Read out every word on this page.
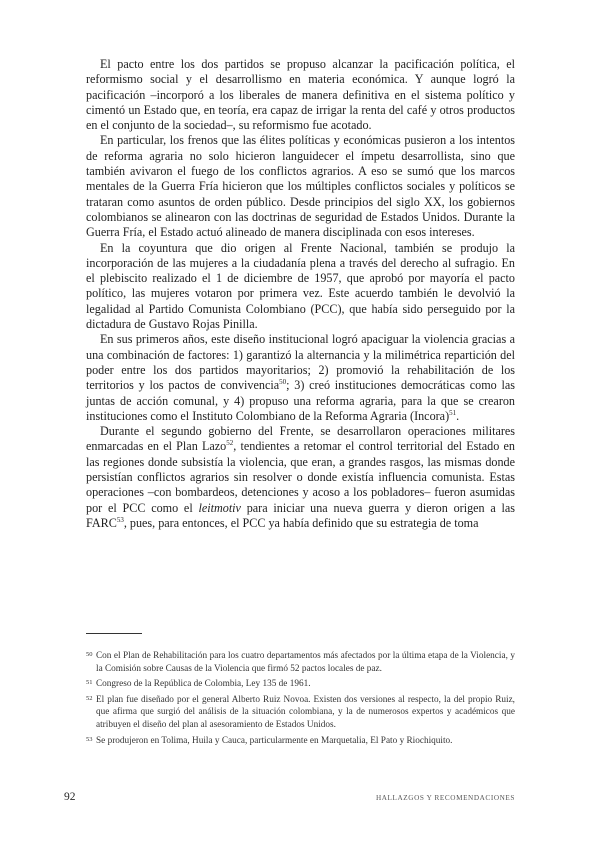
El pacto entre los dos partidos se propuso alcanzar la pacificación política, el reformismo social y el desarrollismo en materia económica. Y aunque logró la pacificación –incorporó a los liberales de manera definitiva en el sistema político y cimentó un Estado que, en teoría, era capaz de irrigar la renta del café y otros productos en el conjunto de la sociedad–, su reformismo fue acotado.

En particular, los frenos que las élites políticas y económicas pusieron a los intentos de reforma agraria no solo hicieron languidecer el ímpetu desarrollista, sino que también avivaron el fuego de los conflictos agrarios. A eso se sumó que los marcos mentales de la Guerra Fría hicieron que los múltiples conflictos sociales y políticos se trataran como asuntos de orden público. Desde principios del siglo XX, los gobiernos colombianos se alinearon con las doctrinas de seguridad de Estados Unidos. Durante la Guerra Fría, el Estado actuó alineado de manera disciplinada con esos intereses.

En la coyuntura que dio origen al Frente Nacional, también se produjo la incorporación de las mujeres a la ciudadanía plena a través del derecho al sufragio. En el plebiscito realizado el 1 de diciembre de 1957, que aprobó por mayoría el pacto político, las mujeres votaron por primera vez. Este acuerdo también le devolvió la legalidad al Partido Comunista Colombiano (PCC), que había sido perseguido por la dictadura de Gustavo Rojas Pinilla.

En sus primeros años, este diseño institucional logró apaciguar la violencia gracias a una combinación de factores: 1) garantizó la alternancia y la milimétrica repartición del poder entre los dos partidos mayoritarios; 2) promovió la rehabilitación de los territorios y los pactos de convivencia$^{50}$; 3) creó instituciones democráticas como las juntas de acción comunal, y 4) propuso una reforma agraria, para la que se crearon instituciones como el Instituto Colombiano de la Reforma Agraria (Incora)$^{51}$.

Durante el segundo gobierno del Frente, se desarrollaron operaciones militares enmarcadas en el Plan Lazo$^{52}$, tendientes a retomar el control territorial del Estado en las regiones donde subsistía la violencia, que eran, a grandes rasgos, las mismas donde persistían conflictos agrarios sin resolver o donde existía influencia comunista. Estas operaciones –con bombardeos, detenciones y acoso a los pobladores– fueron asumidas por el PCC como el leitmotiv para iniciar una nueva guerra y dieron origen a las FARC$^{53}$, pues, para entonces, el PCC ya había definido que su estrategia de toma

50 Con el Plan de Rehabilitación para los cuatro departamentos más afectados por la última etapa de la Violencia, y la Comisión sobre Causas de la Violencia que firmó 52 pactos locales de paz.
51 Congreso de la República de Colombia, Ley 135 de 1961.
52 El plan fue diseñado por el general Alberto Ruiz Novoa. Existen dos versiones al respecto, la del propio Ruiz, que afirma que surgió del análisis de la situación colombiana, y la de numerosos expertos y académicos que atribuyen el diseño del plan al asesoramiento de Estados Unidos.
53 Se produjeron en Tolima, Huila y Cauca, particularmente en Marquetalia, El Pato y Riochiquito.
92	HALLAZGOS Y RECOMENDACIONES
